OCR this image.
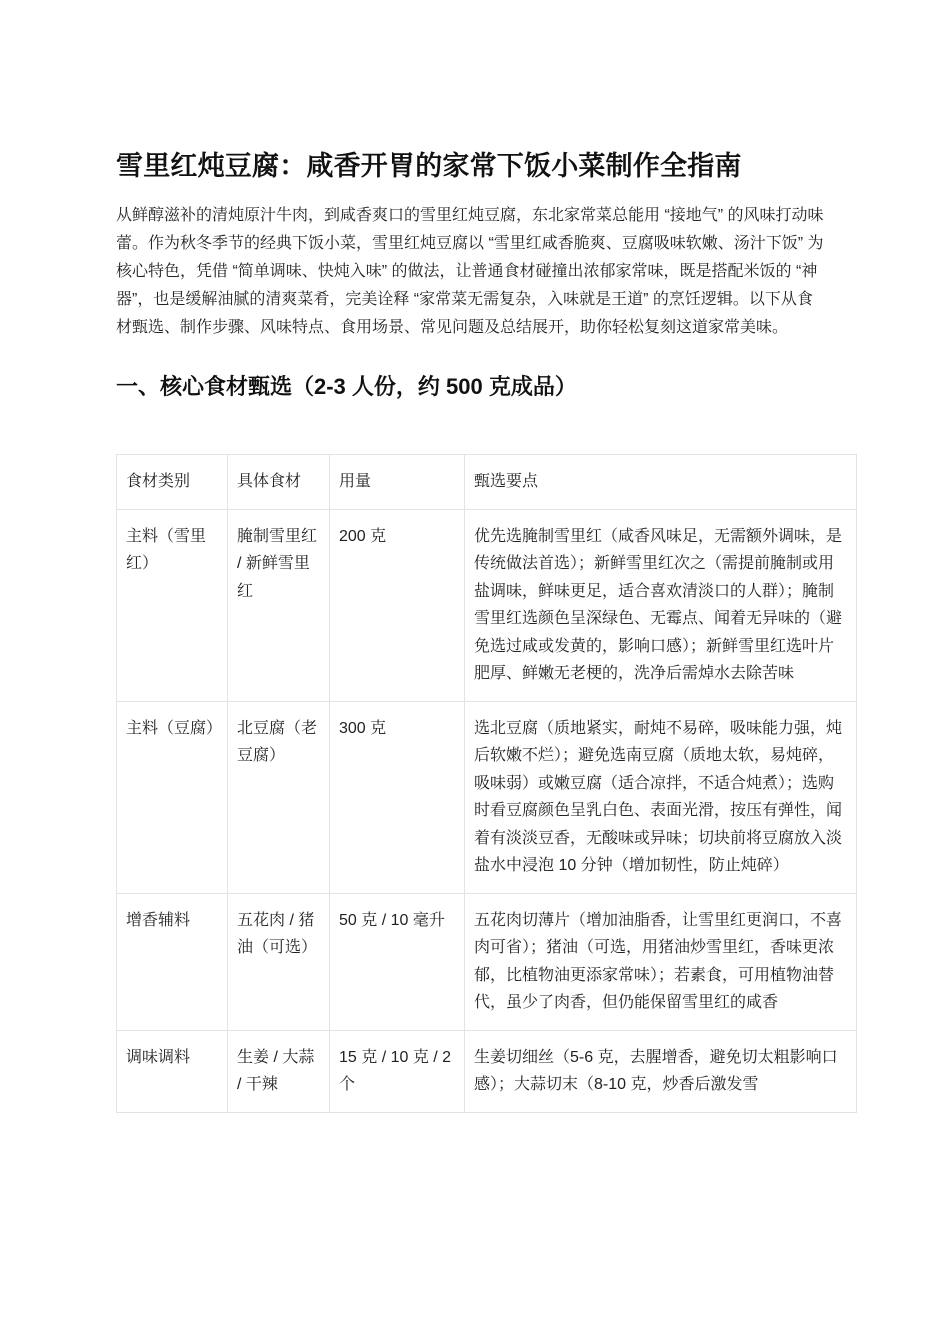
雪里红炖豆腐：咸香开胃的家常下饭小菜制作全指南

从鲜醇滋补的清炖原汁牛肉，到咸香爽口的雪里红炖豆腐，东北家常菜总能用 “接地气” 的风味打动味蕾。作为秋冬季节的经典下饭小菜，雪里红炖豆腐以 “雪里红咸香脆爽、豆腐吸味软嫩、汤汁下饭” 为核心特色，凭借 “简单调味、快炖入味” 的做法，让普通食材碰撞出浓郁家常味，既是搭配米饭的 “神器”，也是缓解油腻的清爽菜肴，完美诠释 “家常菜无需复杂，入味就是王道” 的烹饪逻辑。以下从食材甄选、制作步骤、风味特点、食用场景、常见问题及总结展开，助你轻松复刻这道家常美味。

一、核心食材甄选（2-3 人份，约 500 克成品）
食材类别	具体食材	用量	甄选要点
主料（雪里红）	腌制雪里红 / 新鲜雪里红	200 克	优先选腌制雪里红（咸香风味足，无需额外调味，是传统做法首选）；新鲜雪里红次之（需提前腌制或用盐调味，鲜味更足，适合喜欢清淡口的人群）；腌制雪里红选颜色呈深绿色、无霉点、闻着无异味的（避免选过咸或发黄的，影响口感）；新鲜雪里红选叶片肥厚、鲜嫩无老梗的，洗净后需焯水去除苦味
主料（豆腐）	北豆腐（老豆腐）	300 克	选北豆腐（质地紧实，耐炖不易碎，吸味能力强，炖后软嫩不烂）；避免选南豆腐（质地太软，易炖碎，吸味弱）或嫩豆腐（适合凉拌，不适合炖煮）；选购时看豆腐颜色呈乳白色、表面光滑，按压有弹性，闻着有淡淡豆香，无酸味或异味；切块前将豆腐放入淡盐水中浸泡 10 分钟（增加韧性，防止炖碎）
增香辅料	五花肉 / 猪油（可选）	50 克 / 10 毫升	五花肉切薄片（增加油脂香，让雪里红更润口，不喜肉可省）；猪油（可选，用猪油炒雪里红，香味更浓郁，比植物油更添家常味）；若素食，可用植物油替代，虽少了肉香，但仍能保留雪里红的咸香
调味调料	生姜 / 大蒜 / 干辣	15 克 / 10 克 / 2 个	生姜切细丝（5-6 克，去腥增香，避免切太粗影响口感）；大蒜切末（8-10 克，炒香后激发雪
